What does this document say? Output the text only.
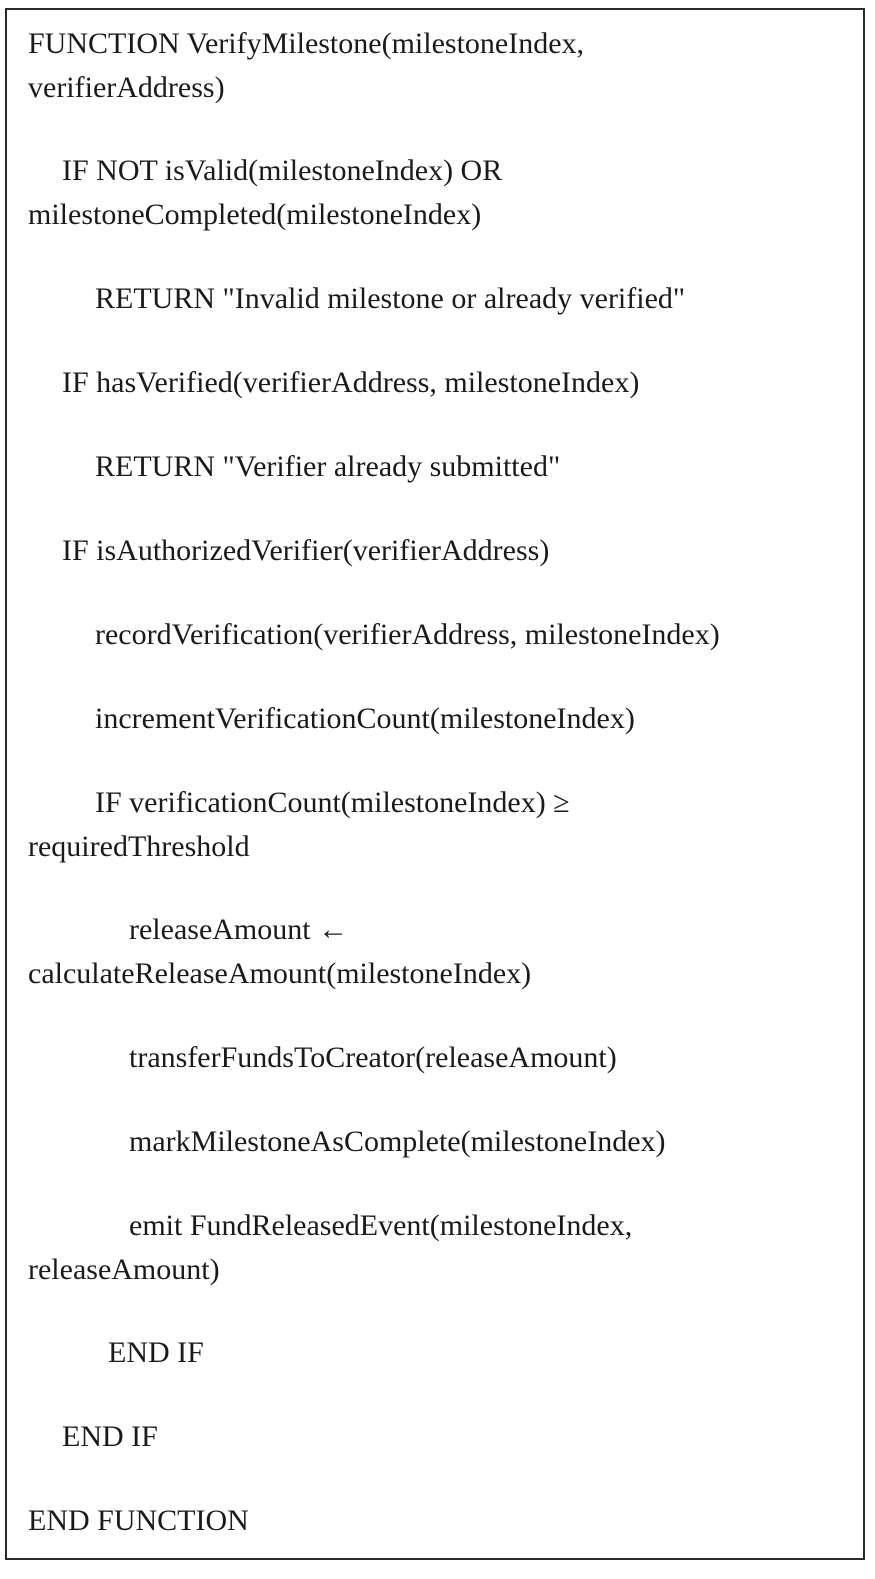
FUNCTION VerifyMilestone(milestoneIndex,
verifierAddress)
IF NOT isValid(milestoneIndex) OR
milestoneCompleted(milestoneIndex)
RETURN "Invalid milestone or already verified"
IF hasVerified(verifierAddress, milestoneIndex)
RETURN "Verifier already submitted"
IF isAuthorizedVerifier(verifierAddress)
recordVerification(verifierAddress, milestoneIndex)
incrementVerificationCount(milestoneIndex)
IF verificationCount(milestoneIndex) ≥
requiredThreshold
releaseAmount ←
calculateReleaseAmount(milestoneIndex)
transferFundsToCreator(releaseAmount)
markMilestoneAsComplete(milestoneIndex)
emit FundReleasedEvent(milestoneIndex,
releaseAmount)
END IF
END IF
END FUNCTION
